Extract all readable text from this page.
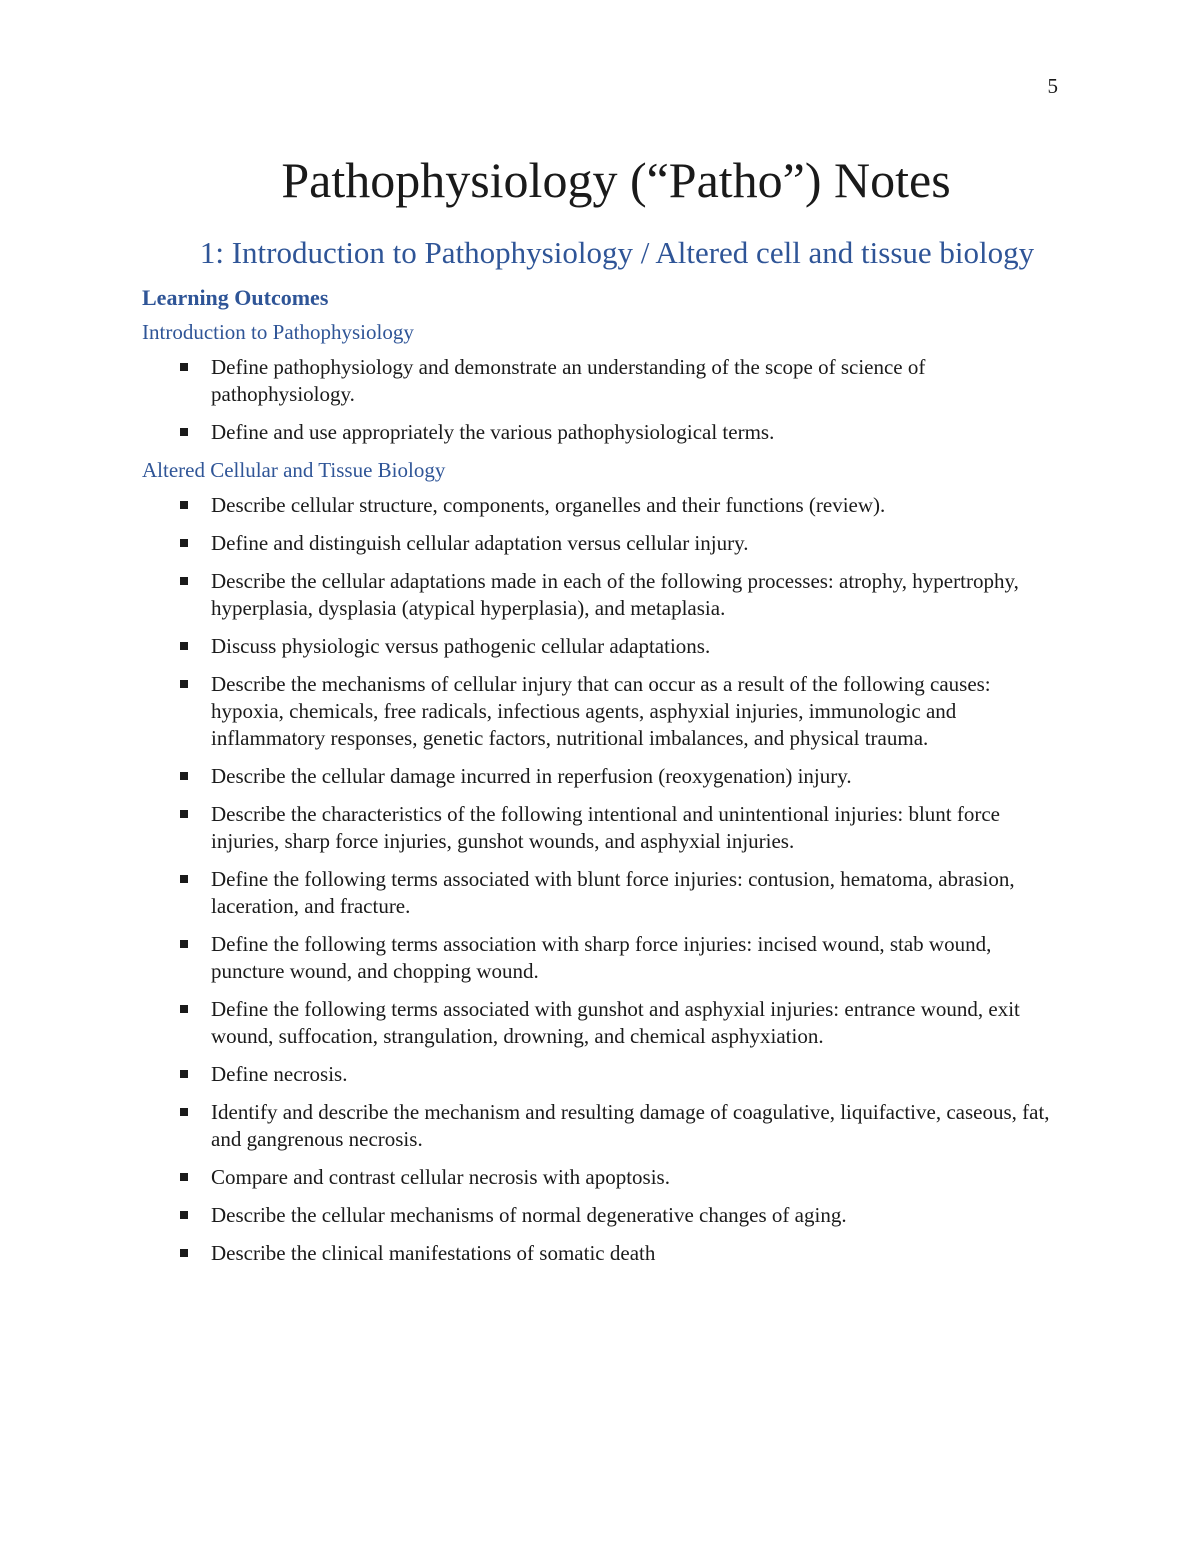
5
Pathophysiology (“Patho”) Notes
1: Introduction to Pathophysiology / Altered cell and tissue biology
Learning Outcomes
Introduction to Pathophysiology
Define pathophysiology and demonstrate an understanding of the scope of science of pathophysiology.
Define and use appropriately the various pathophysiological terms.
Altered Cellular and Tissue Biology
Describe cellular structure, components, organelles and their functions (review).
Define and distinguish cellular adaptation versus cellular injury.
Describe the cellular adaptations made in each of the following processes: atrophy, hypertrophy, hyperplasia, dysplasia (atypical hyperplasia), and metaplasia.
Discuss physiologic versus pathogenic cellular adaptations.
Describe the mechanisms of cellular injury that can occur as a result of the following causes: hypoxia, chemicals, free radicals, infectious agents, asphyxial injuries, immunologic and inflammatory responses, genetic factors, nutritional imbalances, and physical trauma.
Describe the cellular damage incurred in reperfusion (reoxygenation) injury.
Describe the characteristics of the following intentional and unintentional injuries: blunt force injuries, sharp force injuries, gunshot wounds, and asphyxial injuries.
Define the following terms associated with blunt force injuries: contusion, hematoma, abrasion, laceration, and fracture.
Define the following terms association with sharp force injuries: incised wound, stab wound, puncture wound, and chopping wound.
Define the following terms associated with gunshot and asphyxial injuries: entrance wound, exit wound, suffocation, strangulation, drowning, and chemical asphyxiation.
Define necrosis.
Identify and describe the mechanism and resulting damage of coagulative, liquifactive, caseous, fat, and gangrenous necrosis.
Compare and contrast cellular necrosis with apoptosis.
Describe the cellular mechanisms of normal degenerative changes of aging.
Describe the clinical manifestations of somatic death
